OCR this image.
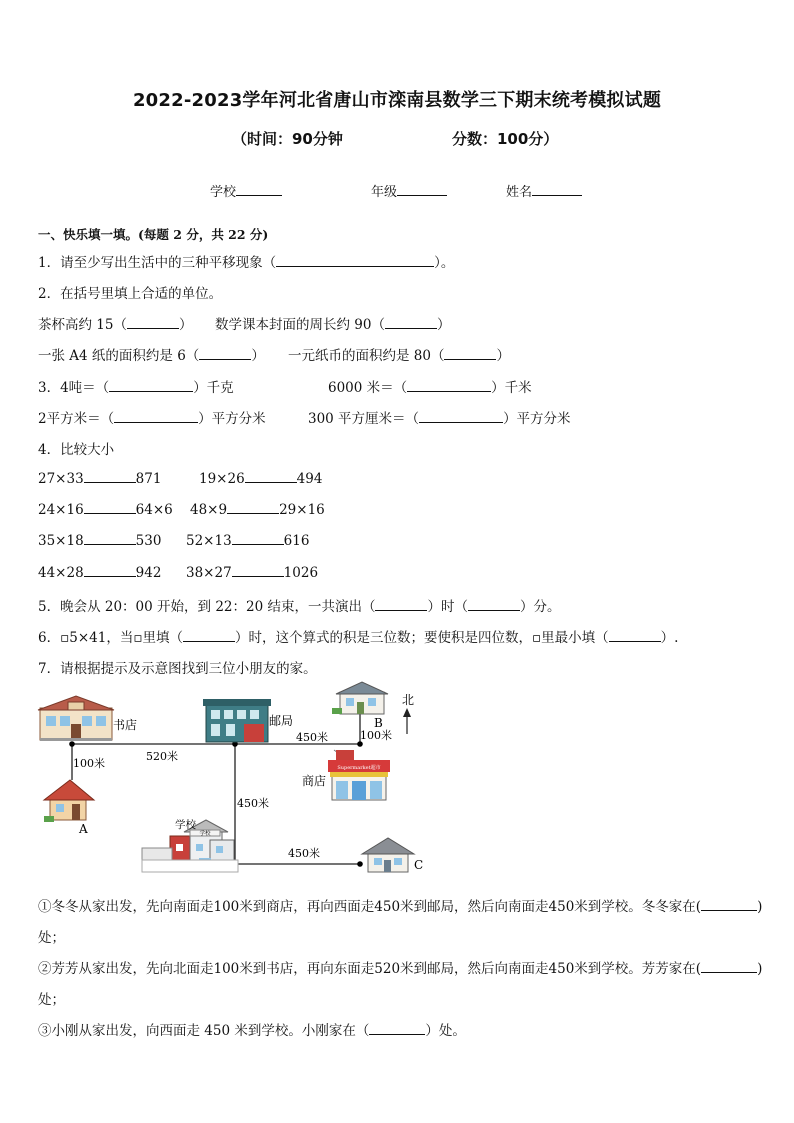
2022-2023学年河北省唐山市滦南县数学三下期末统考模拟试题
（时间：90分钟	分数：100分）
学校	年级	姓名
一、快乐填一填。(每题 2 分，共 22 分)
1．请至少写出生活中的三种平移现象（	）。
2．在括号里填上合适的单位。
茶杯高约 15（	） 数学课本封面的周长约 90（	）
一张 A4 纸的面积约是 6（	） 一元纸币的面积约是 80（	）
3．4吨＝（	）千克	6000 米＝（	）千米
2平方米＝（	）平方分米	300 平方厘米＝（	）平方分米
4．比较大小
27×33	871	19×26	494
24×16	64×6 48×9	29×16
35×18	530 52×13	616
44×28	942 38×27	1026
5．晚会从 20：00 开始，到 22：20 结束，一共演出（	）时（	）分。
6．▫5×41，当▫里填（	）时，这个算式的积是三位数；要使积是四位数，▫里最小填（	）.
7．请根据提示及示意图找到三位小朋友的家。
书店	邮局	B
北
Supermarket超市
商店
A	学校
学校
C
100米
520米
450米	100米
450米
450米
①冬冬从家出发，先向南面走100米到商店，再向西面走450米到邮局，然后向南面走450米到学校。冬冬家在(	)
处；
②芳芳从家出发，先向北面走100米到书店，再向东面走520米到邮局，然后向南面走450米到学校。芳芳家在(	)
处；
③小刚从家出发，向西面走 450 米到学校。小刚家在（	）处。
